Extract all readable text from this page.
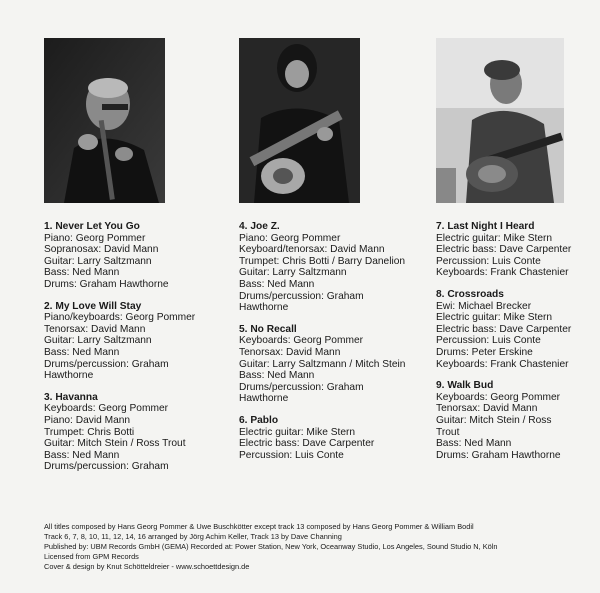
1. Never Let You Go
Piano: Georg Pommer
Sopranosax: David Mann
Guitar: Larry Saltzmann
Bass: Ned Mann
Drums: Graham Hawthorne
2. My Love Will Stay
Piano/keyboards: Georg Pommer
Tenorsax: David Mann
Guitar: Larry Saltzmann
Bass: Ned Mann
Drums/percussion: Graham Hawthorne
3. Havanna
Keyboards: Georg Pommer
Piano: David Mann
Trumpet: Chris Botti
Guitar: Mitch Stein / Ross Trout
Bass: Ned Mann
Drums/percussion: Graham
4. Joe Z.
Piano: Georg Pommer
Keyboard/tenorsax: David Mann
Trumpet: Chris Botti / Barry Danelion
Guitar: Larry Saltzmann
Bass: Ned Mann
Drums/percussion: Graham Hawthorne
5. No Recall
Keyboards: Georg Pommer
Tenorsax: David Mann
Guitar: Larry Saltzmann / Mitch Stein
Bass: Ned Mann
Drums/percussion: Graham Hawthorne
6. Pablo
Electric guitar: Mike Stern
Electric bass: Dave Carpenter
Percussion: Luis Conte
7. Last Night I Heard
Electric guitar: Mike Stern
Electric bass: Dave Carpenter
Percussion: Luis Conte
Keyboards: Frank Chastenier
8. Crossroads
Ewi: Michael Brecker
Electric guitar: Mike Stern
Electric bass: Dave Carpenter
Percussion: Luis Conte
Drums: Peter Erskine
Keyboards: Frank Chastenier
9. Walk Bud
Keyboards: Georg Pommer
Tenorsax: David Mann
Guitar: Mitch Stein / Ross Trout
Bass: Ned Mann
Drums: Graham Hawthorne
All titles composed by Hans Georg Pommer & Uwe Buschkötter except track 13 composed by Hans Georg Pommer & William Bodil
Track 6, 7, 8, 10, 11, 12, 14, 16 arranged by Jörg Achim Keller, Track 13 by Dave Channing
Published by: UBM Records GmbH (GEMA) Recorded at: Power Station, New York, Oceanway Studio, Los Angeles, Sound Studio N, Köln
Licensed from GPM Records
Cover & design by Knut Schötteldreier - www.schoettdesign.de
